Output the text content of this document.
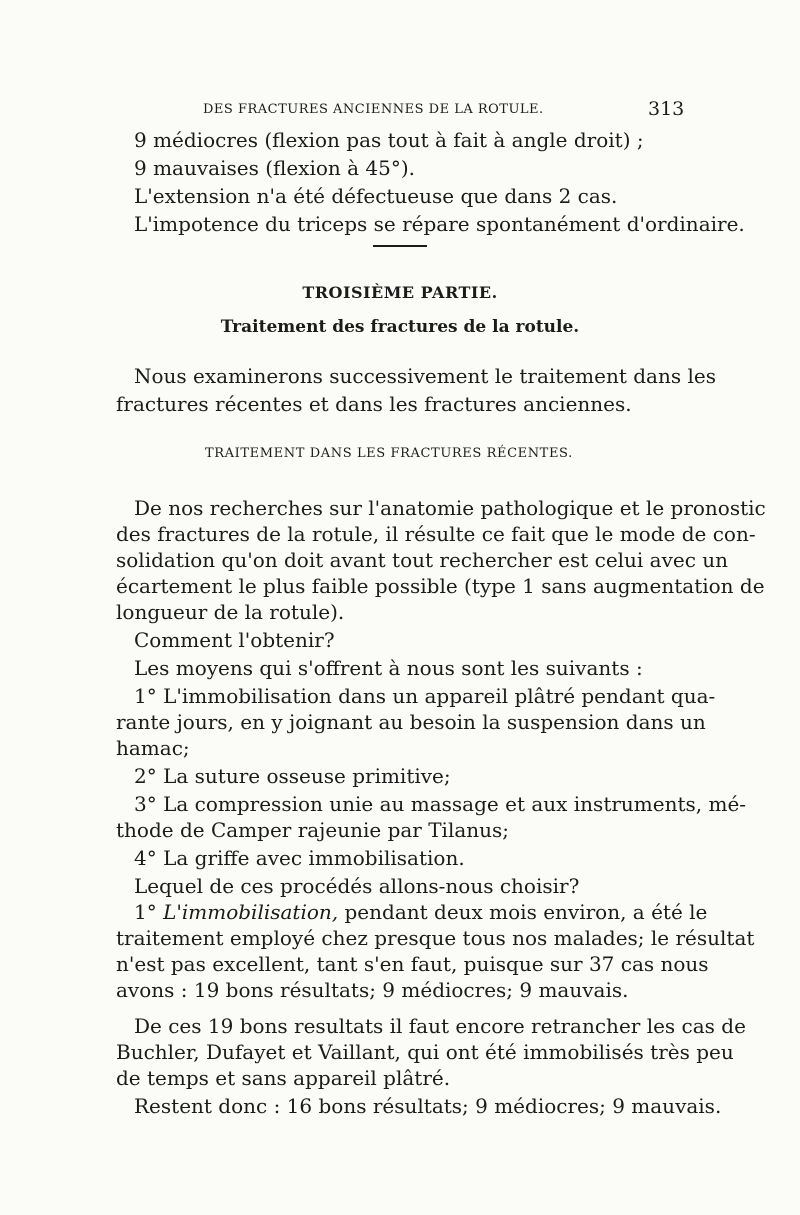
DES FRACTURES ANCIENNES DE LA ROTULE.	313
9 médiocres (flexion pas tout à fait à angle droit) ;
9 mauvaises (flexion à 45°).
L'extension n'a été défectueuse que dans 2 cas.
L'impotence du triceps se répare spontanément d'ordinaire.
TROISIÈME PARTIE.
Traitement des fractures de la rotule.
Nous examinerons successivement le traitement dans les
fractures récentes et dans les fractures anciennes.
TRAITEMENT DANS LES FRACTURES RÉCENTES.
De nos recherches sur l'anatomie pathologique et le pronostic
des fractures de la rotule, il résulte ce fait que le mode de con-
solidation qu'on doit avant tout rechercher est celui avec un
écartement le plus faible possible (type 1 sans augmentation de
longueur de la rotule).
Comment l'obtenir?
Les moyens qui s'offrent à nous sont les suivants :
1° L'immobilisation dans un appareil plâtré pendant qua-
rante jours, en y joignant au besoin la suspension dans un
hamac;
2° La suture osseuse primitive;
3° La compression unie au massage et aux instruments, mé-
thode de Camper rajeunie par Tilanus;
4° La griffe avec immobilisation.
Lequel de ces procédés allons-nous choisir?
1° L'immobilisation, pendant deux mois environ, a été le
traitement employé chez presque tous nos malades; le résultat
n'est pas excellent, tant s'en faut, puisque sur 37 cas nous
avons : 19 bons résultats; 9 médiocres; 9 mauvais.
De ces 19 bons resultats il faut encore retrancher les cas de
Buchler, Dufayet et Vaillant, qui ont été immobilisés très peu
de temps et sans appareil plâtré.
Restent donc : 16 bons résultats; 9 médiocres; 9 mauvais.
